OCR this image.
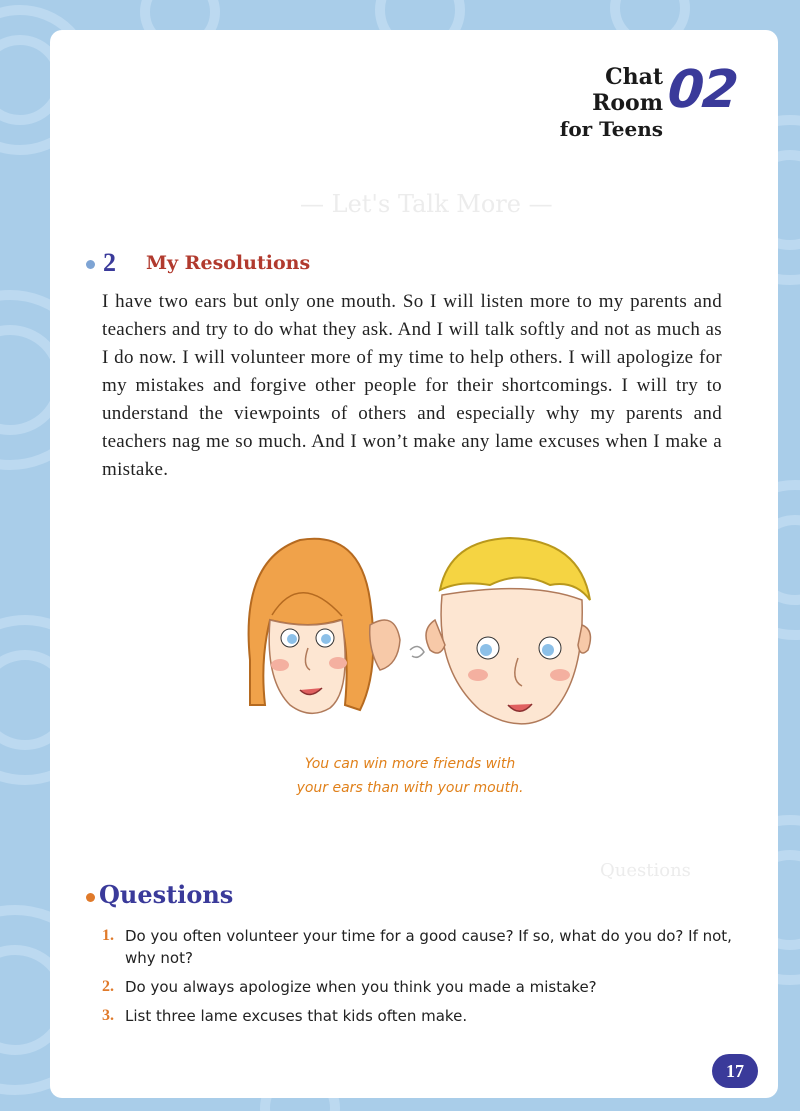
— Let's Talk More —
Questions
Chat Room
for Teens
02
2 My Resolutions

I have two ears but only one mouth. So I will listen more to my parents and teachers and try to do what they ask. And I will talk softly and not as much as I do now. I will volunteer more of my time to help others. I will apologize for my mistakes and forgive other people for their shortcomings. I will try to understand the viewpoints of others and especially why my parents and teachers nag me so much. And I won’t make any lame excuses when I make a mistake.

You can win more friends with
your ears than with your mouth.
Questions
1. Do you often volunteer your time for a good cause? If so, what do you do? If not, why not?
2. Do you always apologize when you think you made a mistake?
3. List three lame excuses that kids often make.
17
